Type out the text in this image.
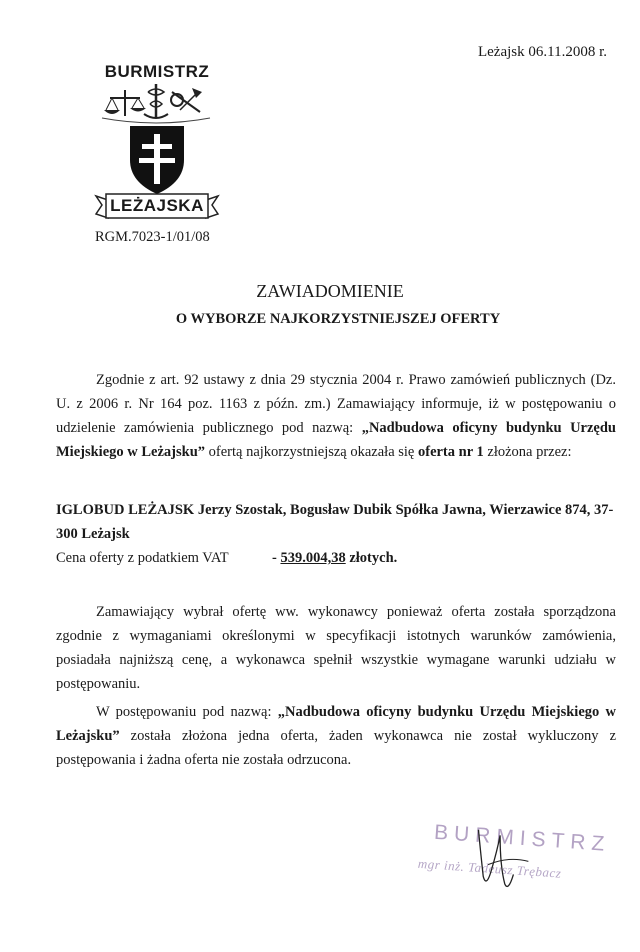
Leżajsk 06.11.2008 r.
BURMISTRZ
LEŻAJSKA
RGM.7023-1/01/08
ZAWIADOMIENIE
O WYBORZE NAJKORZYSTNIEJSZEJ OFERTY
Zgodnie z art. 92 ustawy z dnia 29 stycznia 2004 r. Prawo zamówień publicznych (Dz. U. z 2006 r. Nr 164 poz. 1163 z późn. zm.) Zamawiający informuje, iż w postępowaniu o udzielenie zamówienia publicznego pod nazwą: „Nadbudowa oficyny budynku Urzędu Miejskiego w Leżajsku” ofertą najkorzystniejszą okazała się oferta nr 1 złożona przez:
IGLOBUD LEŻAJSK Jerzy Szostak, Bogusław Dubik Spółka Jawna, Wierzawice 874, 37-300 Leżajsk
Cena oferty z podatkiem VAT	- 539.004,38 złotych.
Zamawiający wybrał ofertę ww. wykonawcy ponieważ oferta została sporządzona zgodnie z wymaganiami określonymi w specyfikacji istotnych warunków zamówienia, posiadała najniższą cenę, a wykonawca spełnił wszystkie wymagane warunki udziału w postępowaniu.
W postępowaniu pod nazwą: „Nadbudowa oficyny budynku Urzędu Miejskiego w Leżajsku” została złożona jedna oferta, żaden wykonawca nie został wykluczony z postępowania i żadna oferta nie została odrzucona.
BURMISTRZ
mgr inż. Tadeusz Trębacz
